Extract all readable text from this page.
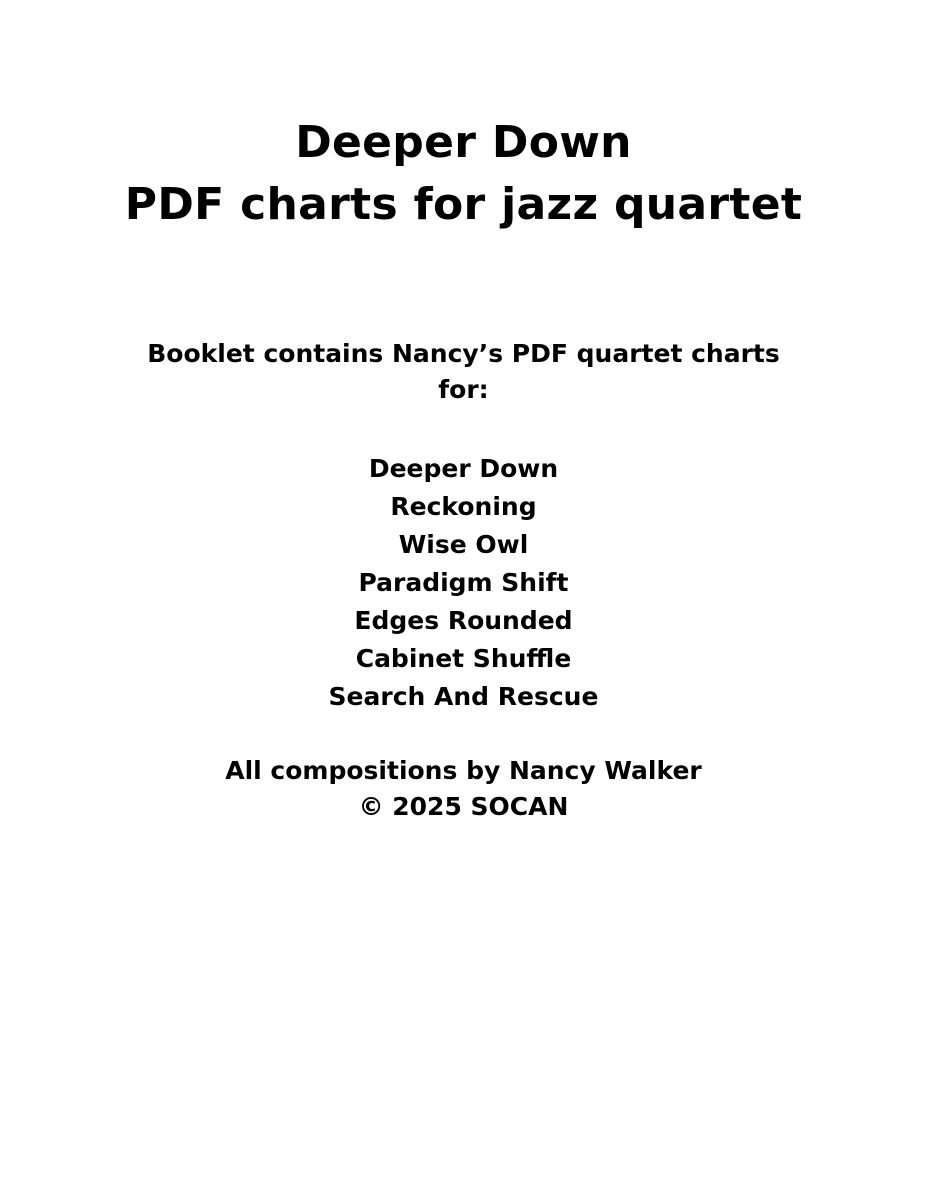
Deeper Down
PDF charts for jazz quartet
Booklet contains Nancy’s PDF quartet charts
for:
Deeper Down
Reckoning
Wise Owl
Paradigm Shift
Edges Rounded
Cabinet Shuffle
Search And Rescue
All compositions by Nancy Walker
© 2025 SOCAN
